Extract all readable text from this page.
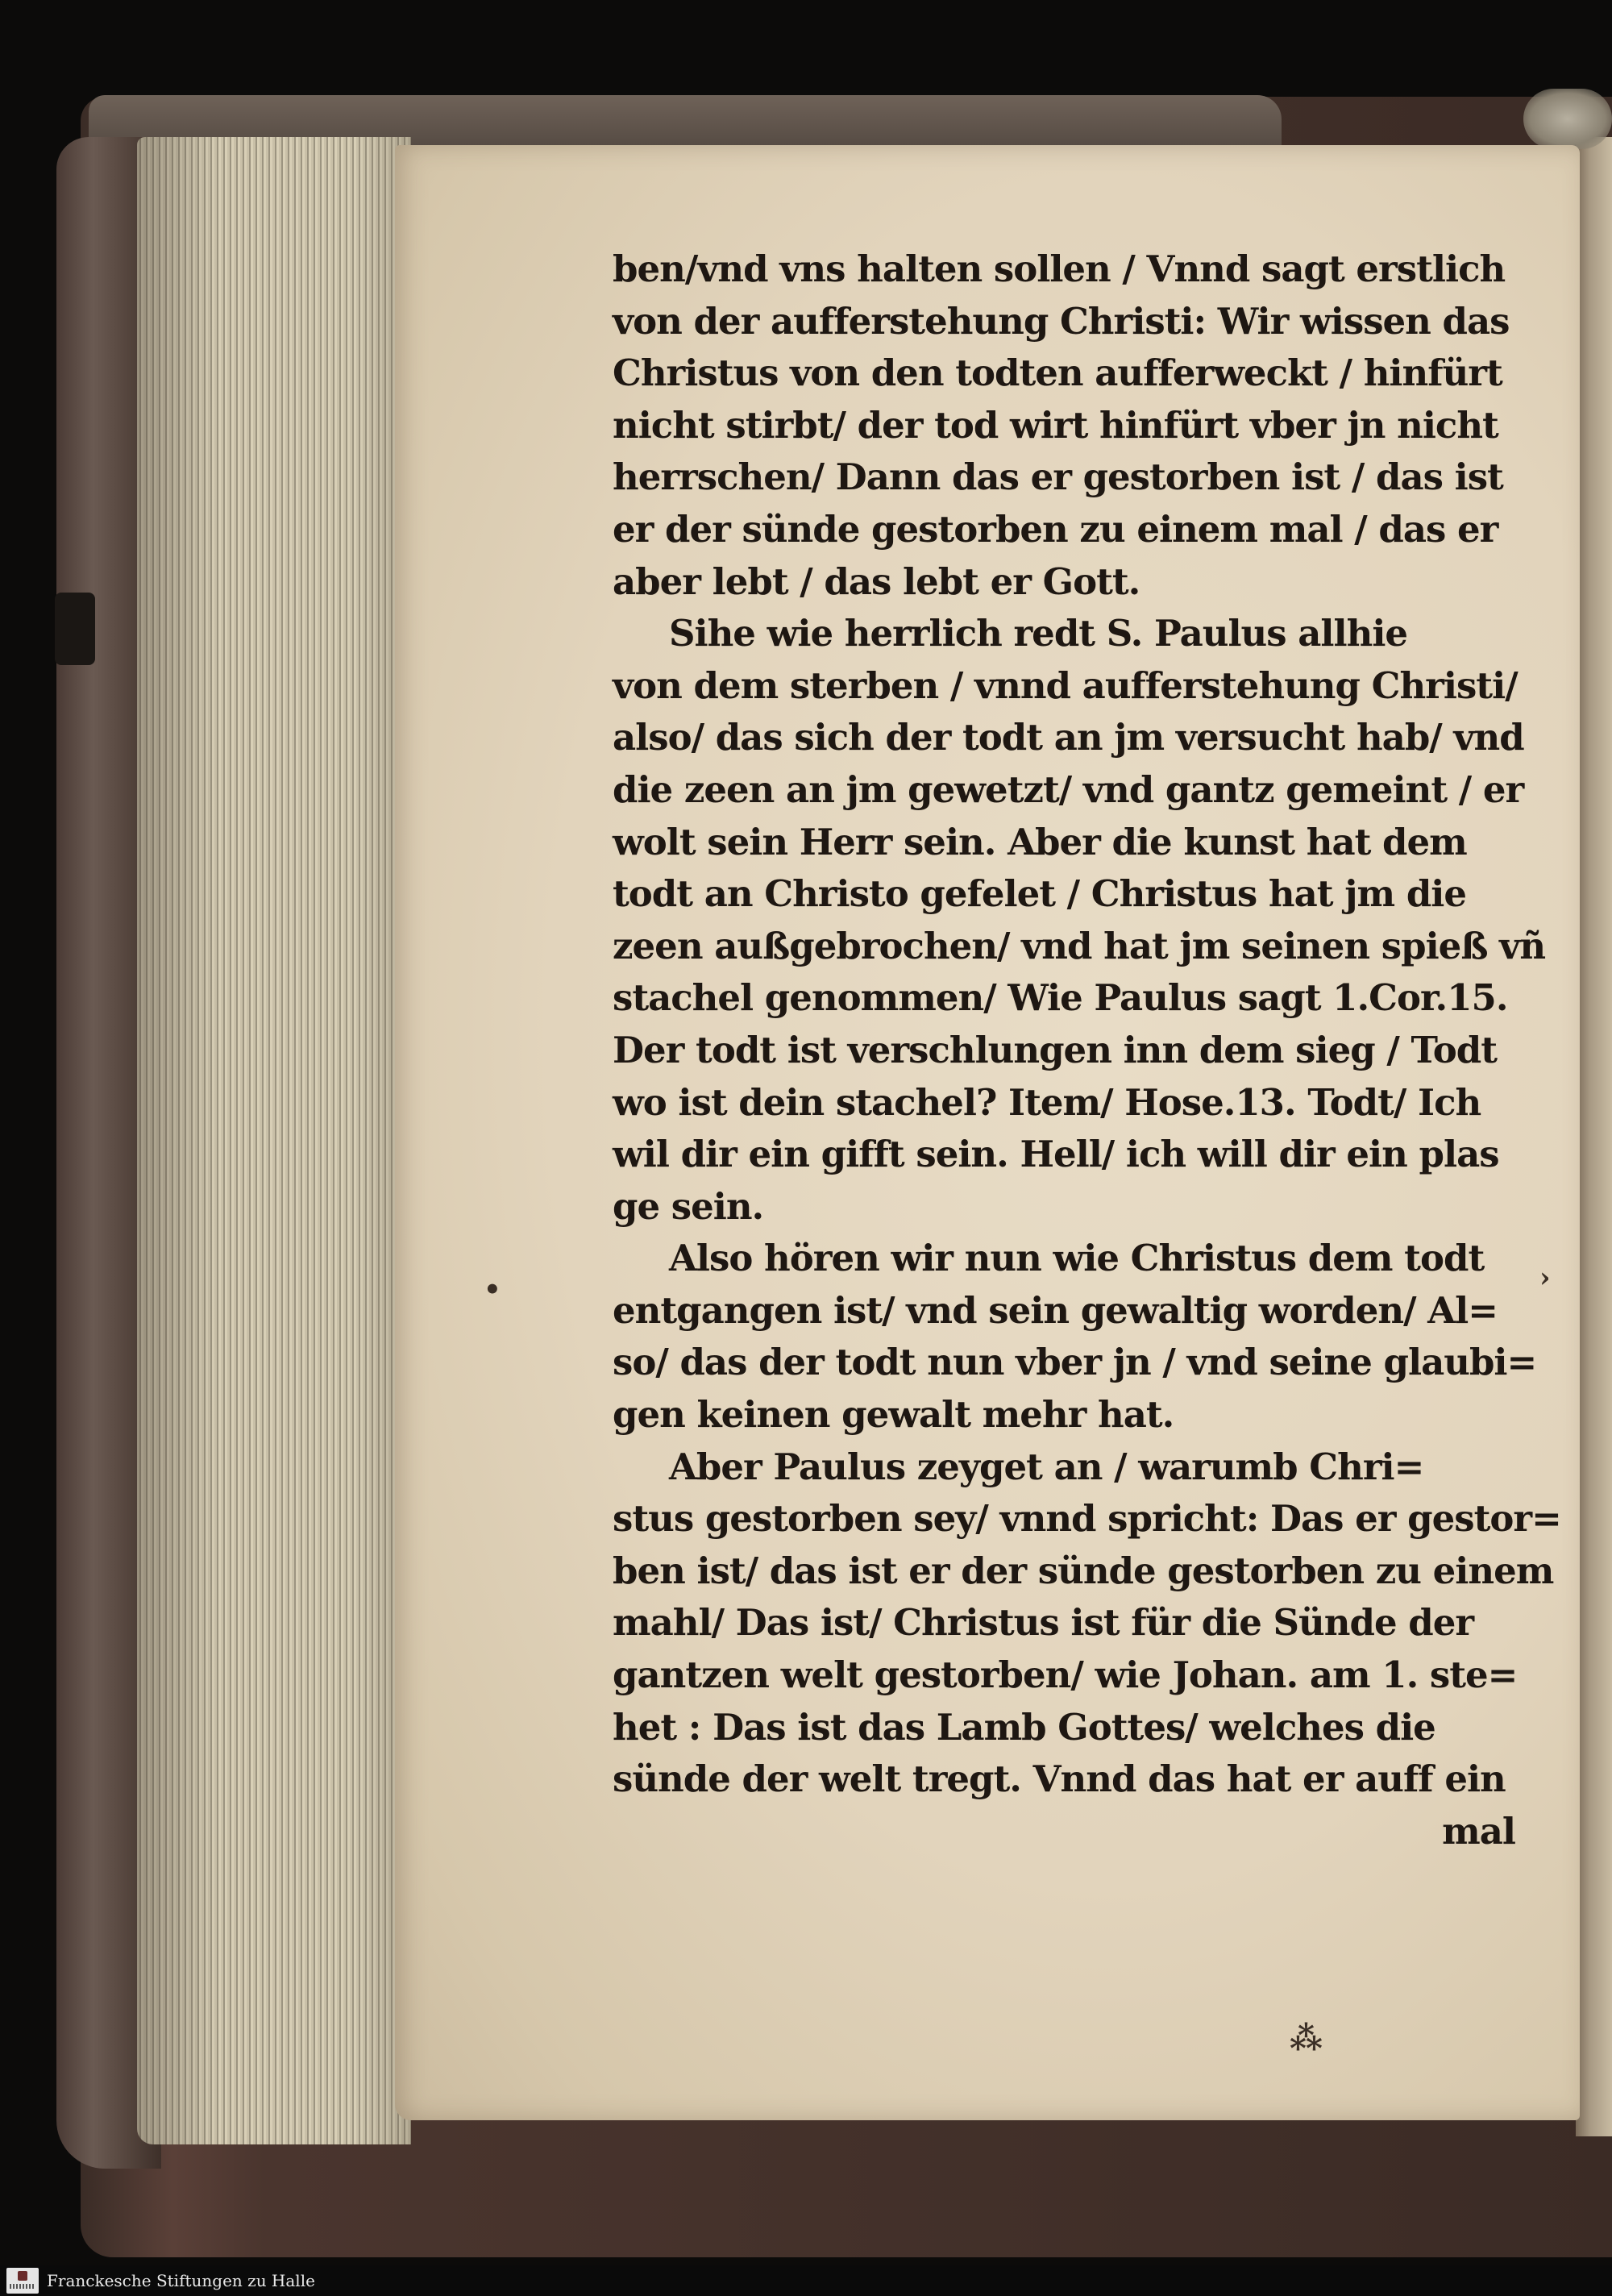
•	›
⁂
ben/vnd vns halten sollen / Vnnd sagt erstlich
von der aufferstehung Christi: Wir wissen das
Christus von den todten aufferweckt / hinfürt
nicht stirbt/ der tod wirt hinfürt vber jn nicht
herrschen/ Dann das er gestorben ist / das ist
er der sünde gestorben zu einem mal / das er
aber lebt / das lebt er Gott.
Sihe wie herrlich redt S. Paulus allhie
von dem sterben / vnnd aufferstehung Christi/
also/ das sich der todt an jm versucht hab/ vnd
die zeen an jm gewetzt/ vnd gantz gemeint / er
wolt sein Herr sein. Aber die kunst hat dem
todt an Christo gefelet / Christus hat jm die
zeen außgebrochen/ vnd hat jm seinen spieß vñ
stachel genommen/ Wie Paulus sagt 1.Cor.15.
Der todt ist verschlungen inn dem sieg / Todt
wo ist dein stachel? Item/ Hose.13. Todt/ Ich
wil dir ein gifft sein. Hell/ ich will dir ein plas
ge sein.
Also hören wir nun wie Christus dem todt
entgangen ist/ vnd sein gewaltig worden/ Al=
so/ das der todt nun vber jn / vnd seine glaubi=
gen keinen gewalt mehr hat.
Aber Paulus zeyget an / warumb Chri=
stus gestorben sey/ vnnd spricht: Das er gestor=
ben ist/ das ist er der sünde gestorben zu einem
mahl/ Das ist/ Christus ist für die Sünde der
gantzen welt gestorben/ wie Johan. am 1. ste=
het : Das ist das Lamb Gottes/ welches die
sünde der welt tregt. Vnnd das hat er auff ein
mal
Franckesche Stiftungen zu Halle
